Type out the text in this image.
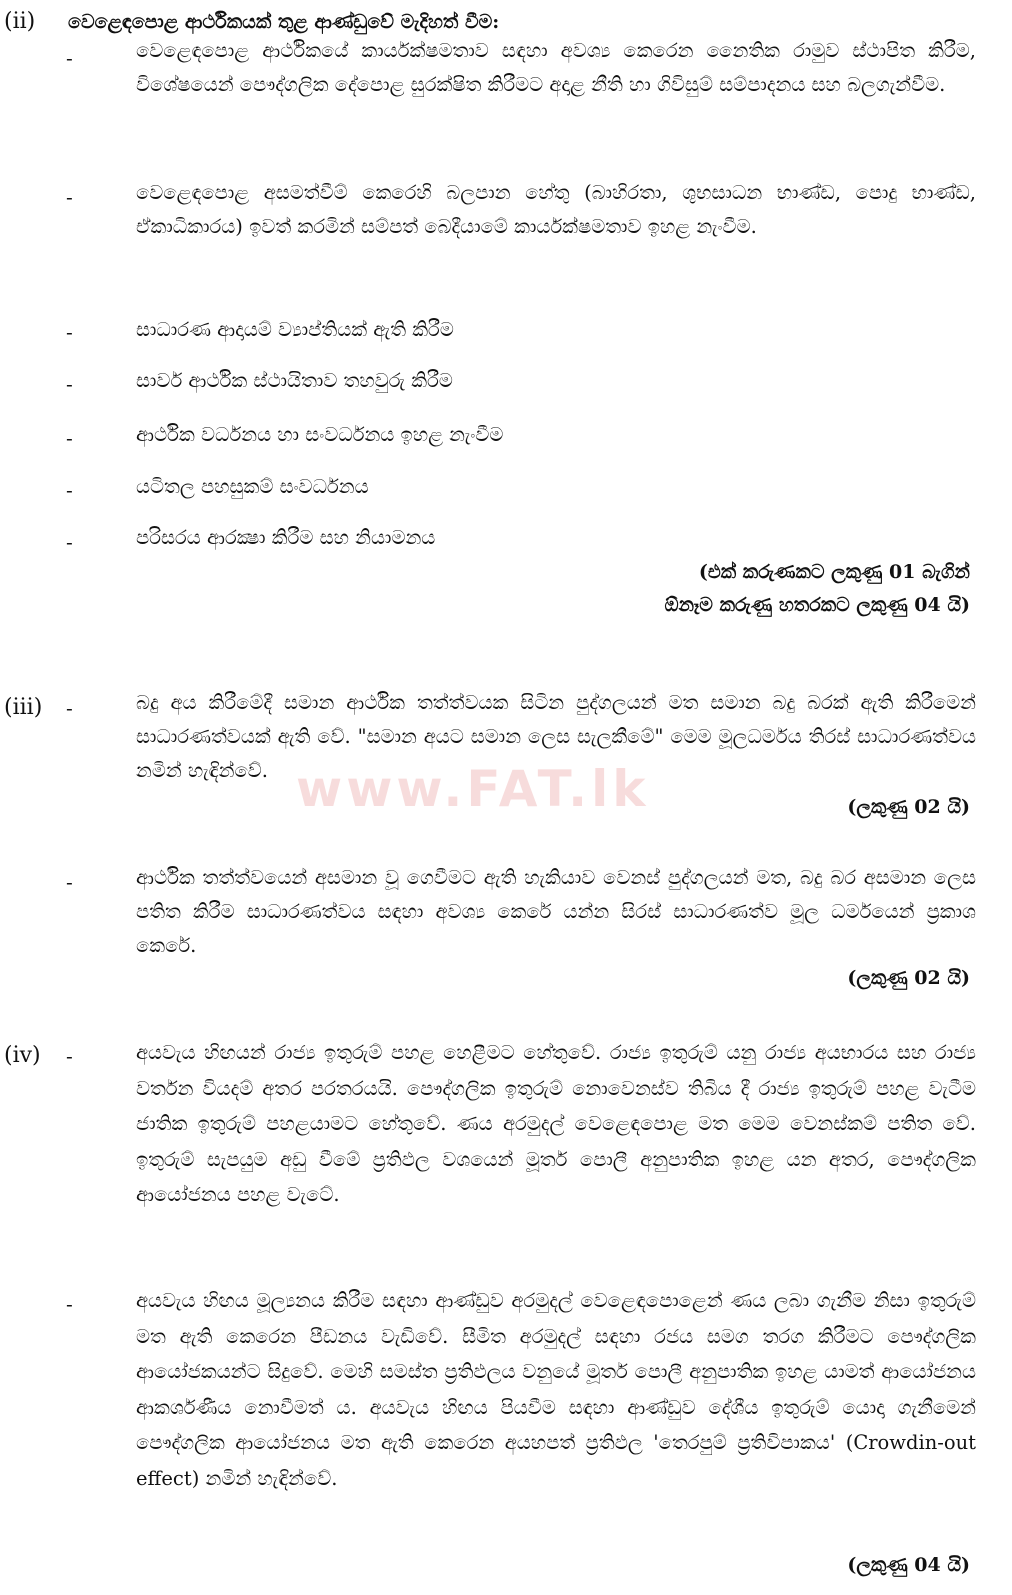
www.FAT.lk
(ii) වෙළෙඳපොළ ආර්ථිකයක් තුළ ආණ්ඩුවේ මැදිහත් වීම:
-	වෙළෙඳපොළ ආර්ථිකයේ කාර්යක්ෂමතාව සඳහා අවශ්‍ය කෙරෙන නෛතික රාමුව ස්ථාපිත කිරීම, විශේෂයෙන් පෞද්ගලික දේපොළ සුරක්ෂිත කිරීමට අදාළ නීති හා ගිවිසුම් සම්පාදනය සහ බලගැන්වීම.
-	වෙළෙඳපොළ අසමත්වීම් කෙරෙහි බලපාන හේතු (බාහිරතා, ශුභසාධන භාණ්ඩ, පොදු භාණ්ඩ, ඒකාධිකාරය) ඉවත් කරමින් සම්පත් බෙදීයාමේ කාර්යක්ෂමතාව ඉහළ නැංවීම.
-	සාධාරණ ආදායම් ව්‍යාප්තියක් ඇති කිරීම
-	සාර්ව ආර්ථික ස්ථායිතාව තහවුරු කිරීම
-	ආර්ථික වර්ධනය හා සංවර්ධනය ඉහළ නැංවීම
-	යටිතල පහසුකම් සංවර්ධනය
-	පරිසරය ආරක්‍ෂා කිරීම සහ නියාමනය
(එක් කරුණකට ලකුණු 01 බැගින්
ඕනෑම කරුණු හතරකට ලකුණු 04 යි)
(iii) -	බදු අය කිරීමේදී සමාන ආර්ථික තත්ත්වයක සිටින පුද්ගලයන් මත සමාන බදු බරක් ඇති කිරීමෙන් සාධාරණත්වයක් ඇති වේ. "සමාන අයට සමාන ලෙස සැලකීමේ" මෙම මූලධර්මය තිරස් සාධාරණත්වය නමින් හැඳින්වේ.
(ලකුණු 02 යි)
-	ආර්ථික තත්ත්වයෙන් අසමාන වූ ගෙවීමට ඇති හැකියාව වෙනස් පුද්ගලයන් මත, බදු බර අසමාන ලෙස පතිත කිරීම සාධාරණත්වය සඳහා අවශ්‍ය කෙරේ යන්න සිරස් සාධාරණත්ව මූල ධර්මයෙන් ප්‍රකාශ කෙරේ.
(ලකුණු 02 යි)
(iv) -	අයවැය හිඟයන් රාජ්‍ය ඉතුරුම් පහළ හෙළීමට හේතුවේ. රාජ්‍ය ඉතුරුම් යනු රාජ්‍ය අයභාරය සහ රාජ්‍ය වර්තන වියදම් අතර පරතරයයි. පෞද්ගලික ඉතුරුම් නොවෙනස්ව තිබිය දී රාජ්‍ය ඉතුරුම් පහළ වැටීම ජාතික ඉතුරුම් පහළයාමට හේතුවේ. ණය අරමුදල් වෙළෙඳපොළ මත මෙම වෙනස්කම් පතිත වේ. ඉතුරුම් සැපයුම අඩු වීමේ ප්‍රතිඵල වශයෙන් මූර්ත පොලී අනුපාතික ඉහළ යන අතර, පෞද්ගලික ආයෝජනය පහළ වැටේ.
-	අයවැය හිඟය මූල්‍යනය කිරීම සඳහා ආණ්ඩුව අරමුදල් වෙළෙඳපොළෙන් ණය ලබා ගැනීම නිසා ඉතුරුම් මත ඇති කෙරෙන පීඩනය වැඩිවේ. සීමිත අරමුදල් සඳහා රජය සමග තරග කිරීමට පෞද්ගලික ආයෝජකයන්ට සිදුවේ. මෙහි සමස්ත ප්‍රතිඵලය වනුයේ මූර්ත පොලී අනුපාතික ඉහළ යාමත් ආයෝජනය ආකර්ශණීය නොවීමත් ය. අයවැය හිඟය පියවීම සඳහා ආණ්ඩුව දේශීය ඉතුරුම් යොදා ගැනීමෙන් පෞද්ගලික ආයෝජනය මත ඇති කෙරෙන අයහපත් ප්‍රතිඵල 'තෙරපුම් ප්‍රතිවිපාකය' (Crowdin-out effect) නමින් හැඳින්වේ.
(ලකුණු 04 යි)
